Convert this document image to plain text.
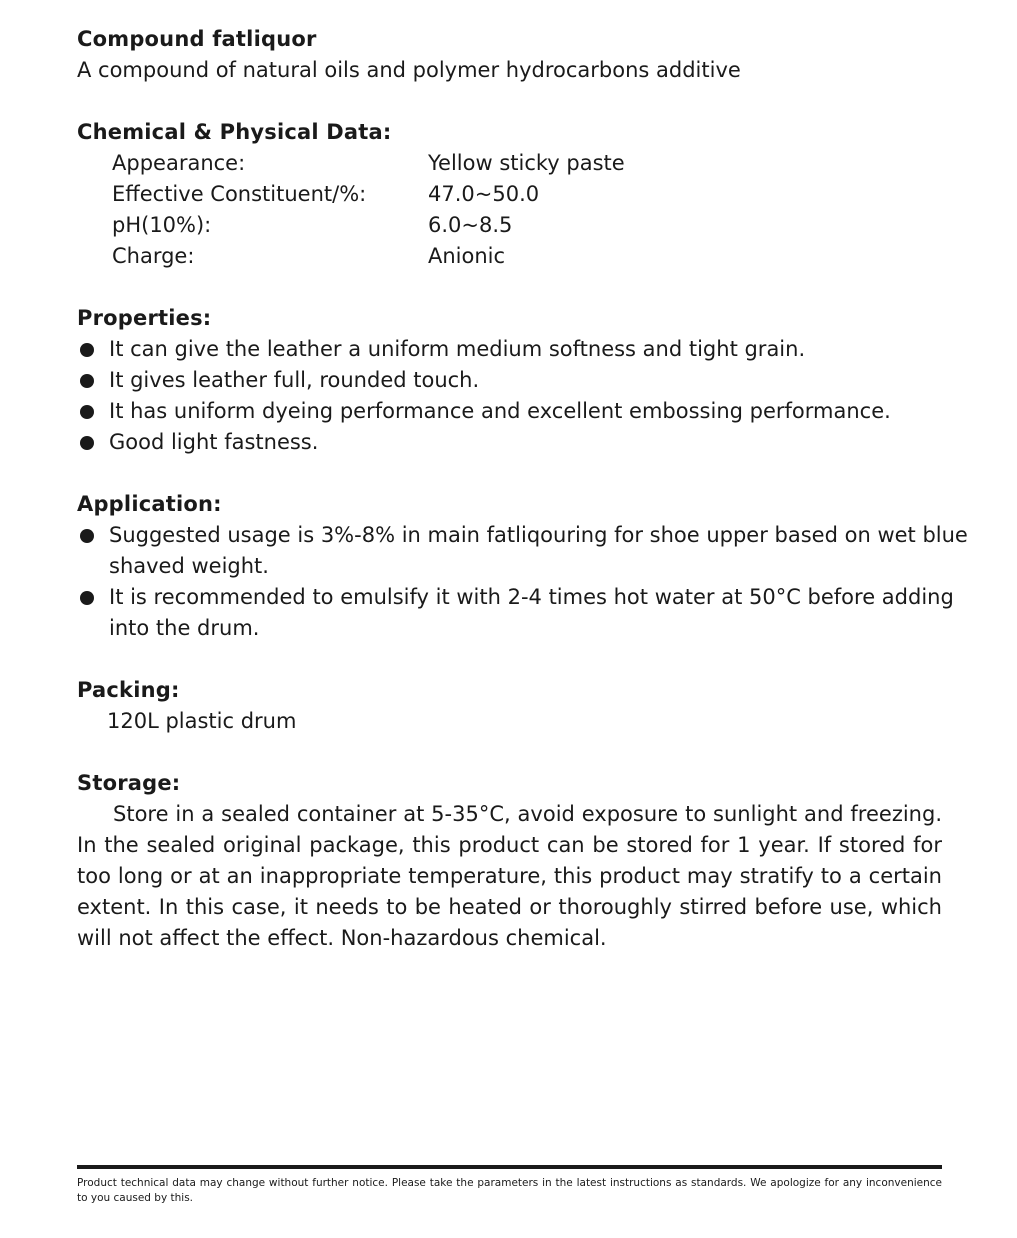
Compound fatliquor
A compound of natural oils and polymer hydrocarbons additive
Chemical & Physical Data:
Appearance:	Yellow sticky paste
Effective Constituent/%:	47.0~50.0
pH(10%):	6.0~8.5
Charge:	Anionic
Properties:
It can give the leather a uniform medium softness and tight grain.
It gives leather full, rounded touch.
It has uniform dyeing performance and excellent embossing performance.
Good light fastness.
Application:
Suggested usage is 3%-8% in main fatliqouring for shoe upper based on wet blue
shaved weight.
It is recommended to emulsify it with 2-4 times hot water at 50°C before adding
into the drum.
Packing:
120L plastic drum
Storage:
Store in a sealed container at 5-35°C, avoid exposure to sunlight and freezing. In the sealed original package, this product can be stored for 1 year. If stored for too long or at an inappropriate temperature, this product may stratify to a certain extent. In this case, it needs to be heated or thoroughly stirred before use, which will not affect the effect. Non-hazardous chemical.
Product technical data may change without further notice. Please take the parameters in the latest instructions as standards. We apologize for any inconvenience to you caused by this.
